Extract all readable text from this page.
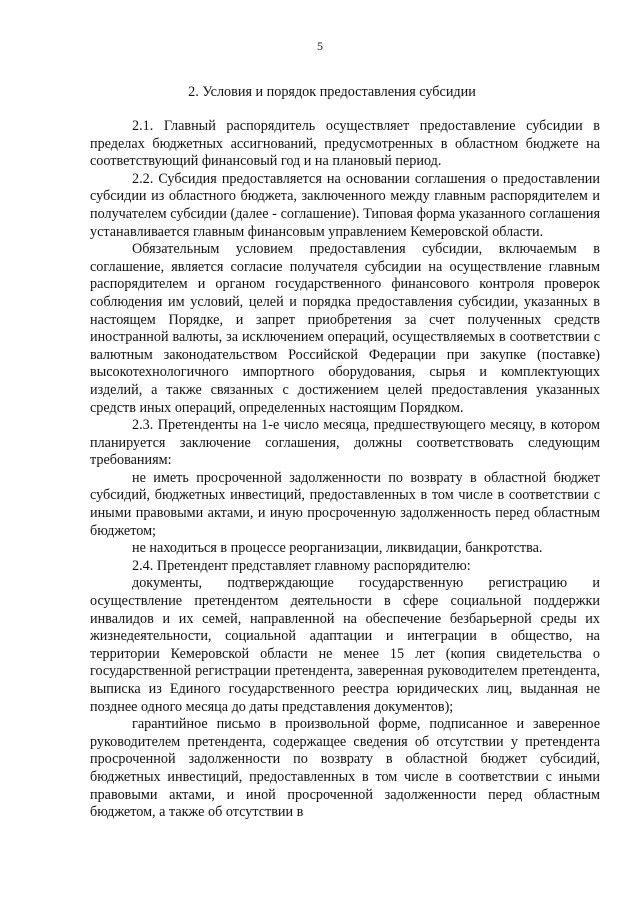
5
2. Условия и порядок предоставления субсидии

2.1. Главный распорядитель осуществляет предоставление субсидии в пределах бюджетных ассигнований, предусмотренных в областном бюджете на соответствующий финансовый год и на плановый период.

2.2. Субсидия предоставляется на основании соглашения о предоставлении субсидии из областного бюджета, заключенного между главным распорядителем и получателем субсидии (далее - соглашение). Типовая форма указанного соглашения устанавливается главным финансовым управлением Кемеровской области.

Обязательным условием предоставления субсидии, включаемым в соглашение, является согласие получателя субсидии на осуществление главным распорядителем и органом государственного финансового контроля проверок соблюдения им условий, целей и порядка предоставления субсидии, указанных в настоящем Порядке, и запрет приобретения за счет полученных средств иностранной валюты, за исключением операций, осуществляемых в соответствии с валютным законодательством Российской Федерации при закупке (поставке) высокотехнологичного импортного оборудования, сырья и комплектующих изделий, а также связанных с достижением целей предоставления указанных средств иных операций, определенных настоящим Порядком.

2.3. Претенденты на 1-е число месяца, предшествующего месяцу, в котором планируется заключение соглашения, должны соответствовать следующим требованиям:

не иметь просроченной задолженности по возврату в областной бюджет субсидий, бюджетных инвестиций, предоставленных в том числе в соответствии с иными правовыми актами, и иную просроченную задолженность перед областным бюджетом;

не находиться в процессе реорганизации, ликвидации, банкротства.

2.4. Претендент представляет главному распорядителю:

документы, подтверждающие государственную регистрацию и осуществление претендентом деятельности в сфере социальной поддержки инвалидов и их семей, направленной на обеспечение безбарьерной среды их жизнедеятельности, социальной адаптации и интеграции в общество, на территории Кемеровской области не менее 15 лет (копия свидетельства о государственной регистрации претендента, заверенная руководителем претендента, выписка из Единого государственного реестра юридических лиц, выданная не позднее одного месяца до даты представления документов);

гарантийное письмо в произвольной форме, подписанное и заверенное руководителем претендента, содержащее сведения об отсутствии у претендента просроченной задолженности по возврату в областной бюджет субсидий, бюджетных инвестиций, предоставленных в том числе в соответствии с иными правовыми актами, и иной просроченной задолженности перед областным бюджетом, а также об отсутствии в
